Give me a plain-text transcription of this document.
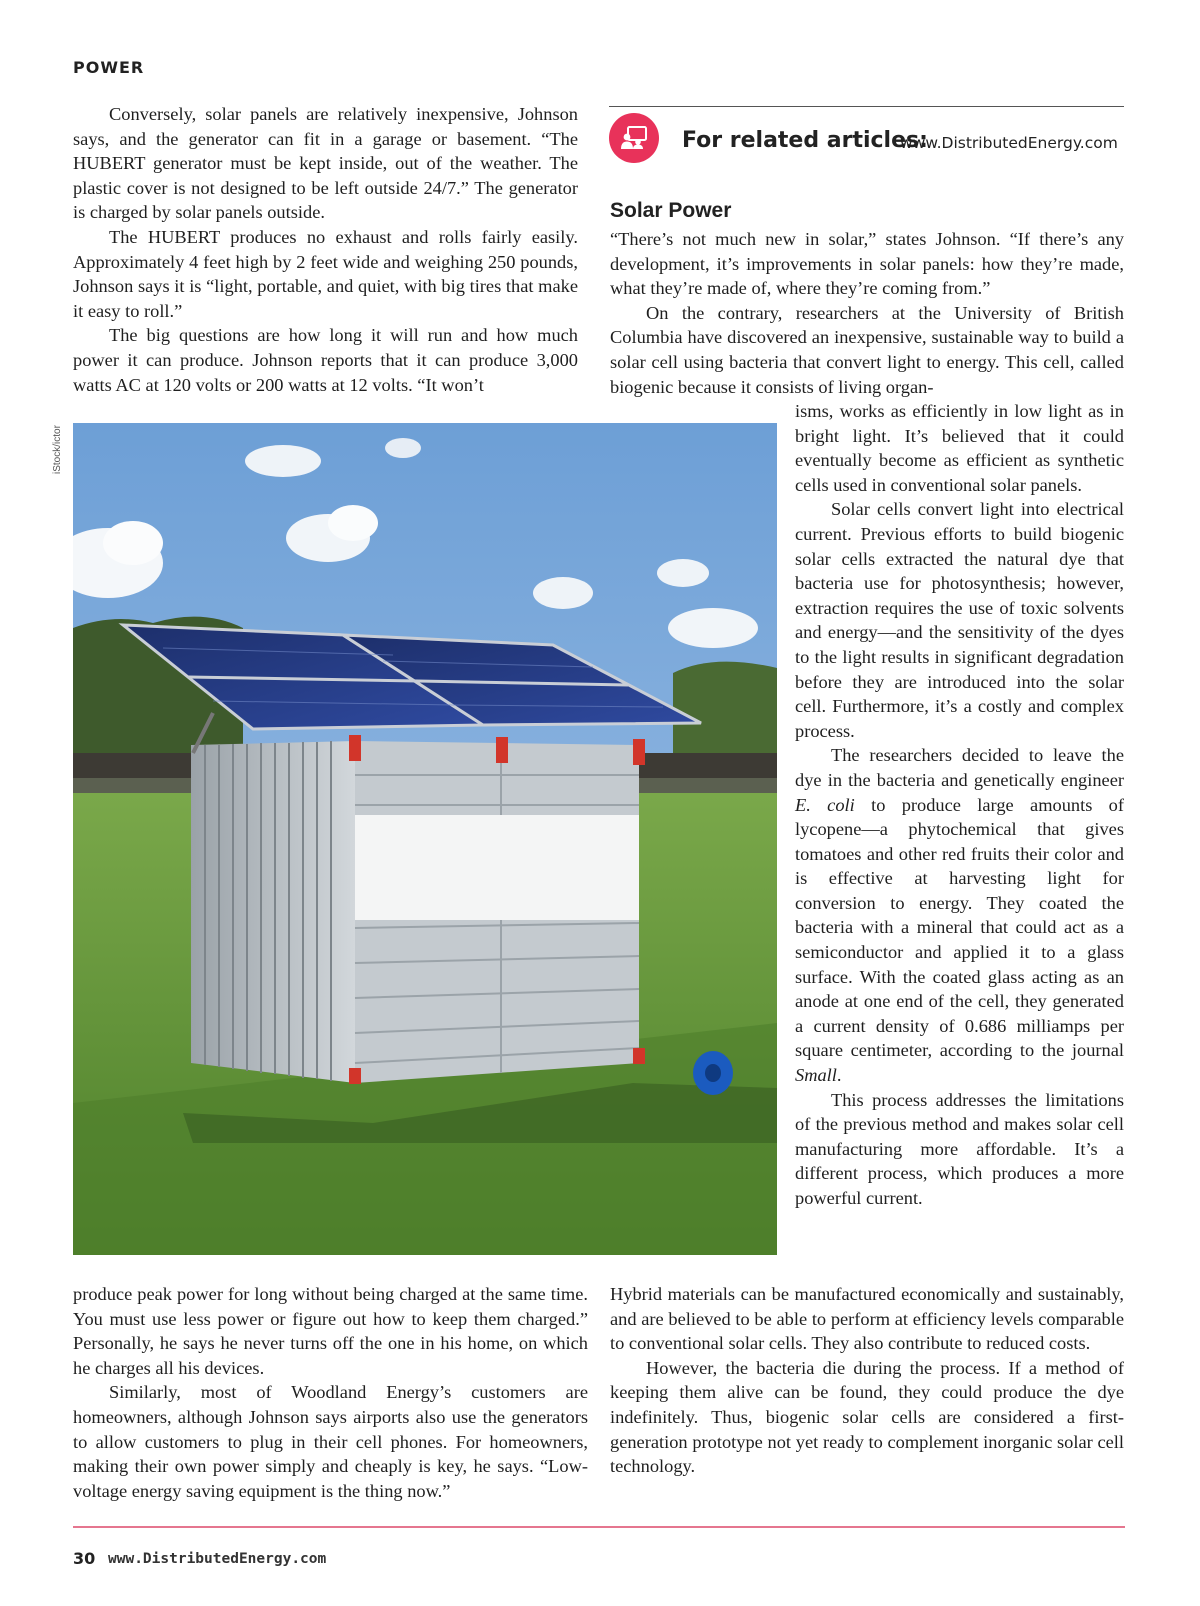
POWER

Conversely, solar panels are relatively inexpensive, Johnson says, and the generator can fit in a garage or basement. “The HUBERT generator must be kept inside, out of the weather. The plastic cover is not designed to be left outside 24/7.” The generator is charged by solar panels outside.

The HUBERT produces no exhaust and rolls fairly easily. Approximately 4 feet high by 2 feet wide and weighing 250 pounds, Johnson says it is “light, portable, and quiet, with big tires that make it easy to roll.”

The big questions are how long it will run and how much power it can produce. Johnson reports that it can produce 3,000 watts AC at 120 volts or 200 watts at 12 volts. “It won’t

For related articles:
www.DistributedEnergy.com
Solar Power

“There’s not much new in solar,” states Johnson. “If there’s any development, it’s improvements in solar panels: how they’re made, what they’re made of, where they’re coming from.”

On the contrary, researchers at the University of British Columbia have discovered an inexpensive, sustainable way to build a solar cell using bacteria that convert light to energy. This cell, called biogenic because it consists of living organ-

isms, works as efficiently in low light as in bright light. It’s believed that it could eventually become as efficient as synthetic cells used in conventional solar panels.

Solar cells convert light into electrical current. Previous efforts to build biogenic solar cells extracted the natural dye that bacteria use for photosynthesis; however, extraction requires the use of toxic solvents and energy—and the sensitivity of the dyes to the light results in significant degradation before they are introduced into the solar cell. Furthermore, it’s a costly and complex process.

The researchers decided to leave the dye in the bacteria and genetically engineer E. coli to produce large amounts of lycopene—a phytochemical that gives tomatoes and other red fruits their color and is effective at harvesting light for conversion to energy. They coated the bacteria with a mineral that could act as a semiconductor and applied it to a glass surface. With the coated glass acting as an anode at one end of the cell, they generated a current density of 0.686 milliamps per square centimeter, according to the journal Small.

This process addresses the limitations of the previous method and makes solar cell manufacturing more affordable. It’s a different process, which produces a more powerful current.

iStock/ictor

produce peak power for long without being charged at the same time. You must use less power or figure out how to keep them charged.” Personally, he says he never turns off the one in his home, on which he charges all his devices.

Similarly, most of Woodland Energy’s customers are homeowners, although Johnson says airports also use the generators to allow customers to plug in their cell phones. For homeowners, making their own power simply and cheaply is key, he says. “Low-voltage energy saving equipment is the thing now.”

Hybrid materials can be manufactured economically and sustainably, and are believed to be able to perform at efficiency levels comparable to conventional solar cells. They also contribute to reduced costs.

However, the bacteria die during the process. If a method of keeping them alive can be found, they could produce the dye indefinitely. Thus, biogenic solar cells are considered a first-generation prototype not yet ready to complement inorganic solar cell technology.

30 www.DistributedEnergy.com
